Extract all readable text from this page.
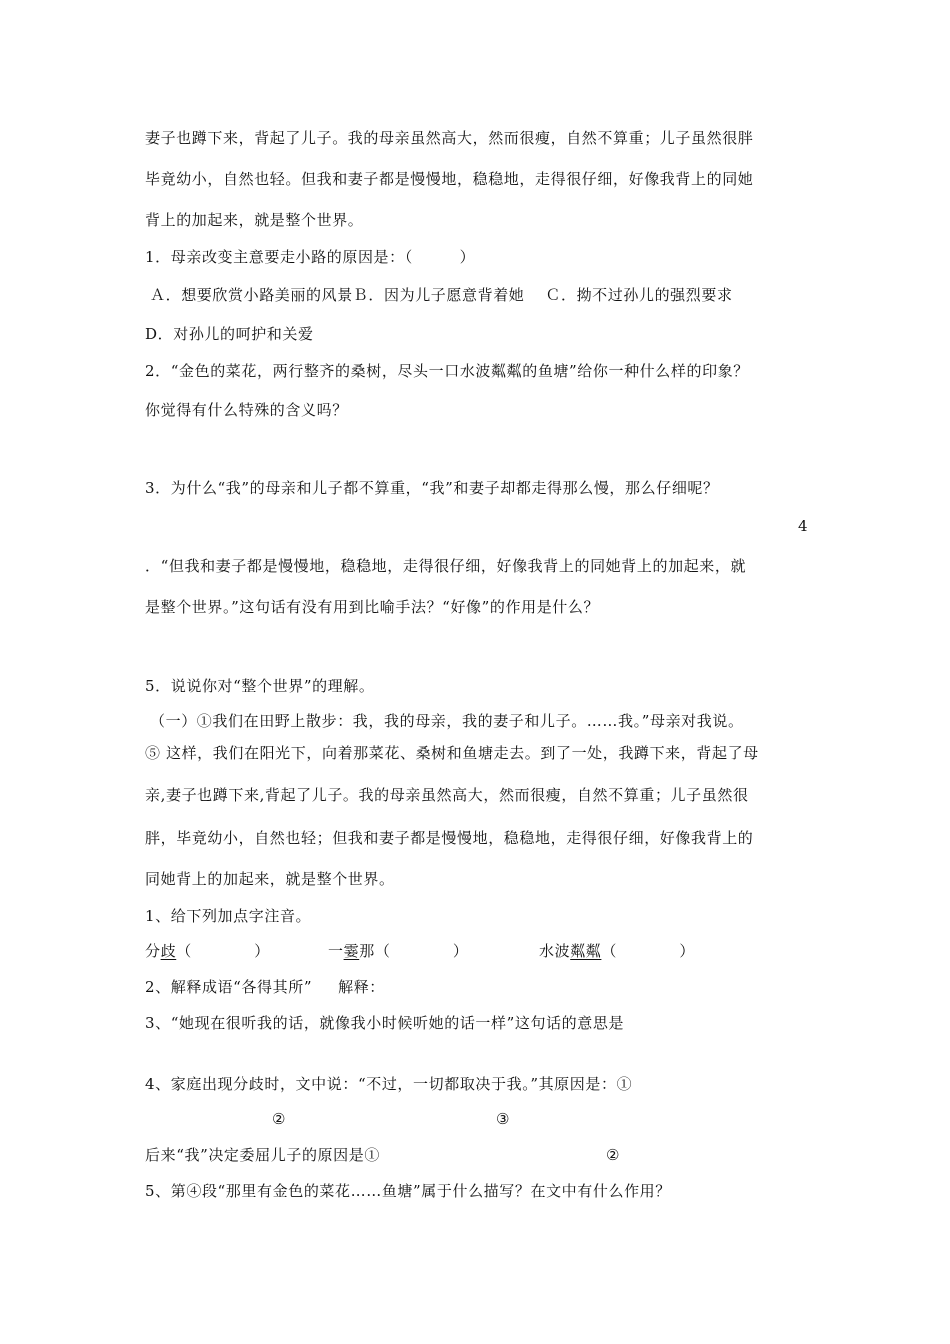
妻子也蹲下来，背起了儿子。我的母亲虽然高大，然而很瘦，自然不算重；儿子虽然很胖
毕竟幼小，自然也轻。但我和妻子都是慢慢地，稳稳地，走得很仔细，好像我背上的同她
背上的加起来，就是整个世界。
1．母亲改变主意要走小路的原因是：（　　　）
Ａ．想要欣赏小路美丽的风景Ｂ．因为儿子愿意背着她　 Ｃ．拗不过孙儿的强烈要求
D．对孙儿的呵护和关爱
2．“金色的菜花，两行整齐的桑树，尽头一口水波粼粼的鱼塘”给你一种什么样的印象？
你觉得有什么特殊的含义吗？
3．为什么“我”的母亲和儿子都不算重，“我”和妻子却都走得那么慢，那么仔细呢？
4
．“但我和妻子都是慢慢地，稳稳地，走得很仔细，好像我背上的同她背上的加起来，就
是整个世界。”这句话有没有用到比喻手法？“好像”的作用是什么？
5．说说你对“整个世界”的理解。
（一）①我们在田野上散步：我，我的母亲，我的妻子和儿子。……我。”母亲对我说。
⑤ 这样，我们在阳光下，向着那菜花、桑树和鱼塘走去。到了一处，我蹲下来，背起了母
亲,妻子也蹲下来,背起了儿子。我的母亲虽然高大，然而很瘦，自然不算重；儿子虽然很
胖，毕竟幼小，自然也轻；但我和妻子都是慢慢地，稳稳地，走得很仔细，好像我背上的
同她背上的加起来，就是整个世界。
1、给下列加点字注音。
分歧（　　　　）	一霎那（　　　　）	水波粼粼（　　　　）
2、解释成语“各得其所” 解释：
3、“她现在很听我的话，就像我小时候听她的话一样”这句话的意思是
4、家庭出现分歧时，文中说：“不过，一切都取决于我。”其原因是：①
②	③
后来“我”决定委屈儿子的原因是①	②
5、第④段“那里有金色的菜花……鱼塘”属于什么描写？在文中有什么作用？
